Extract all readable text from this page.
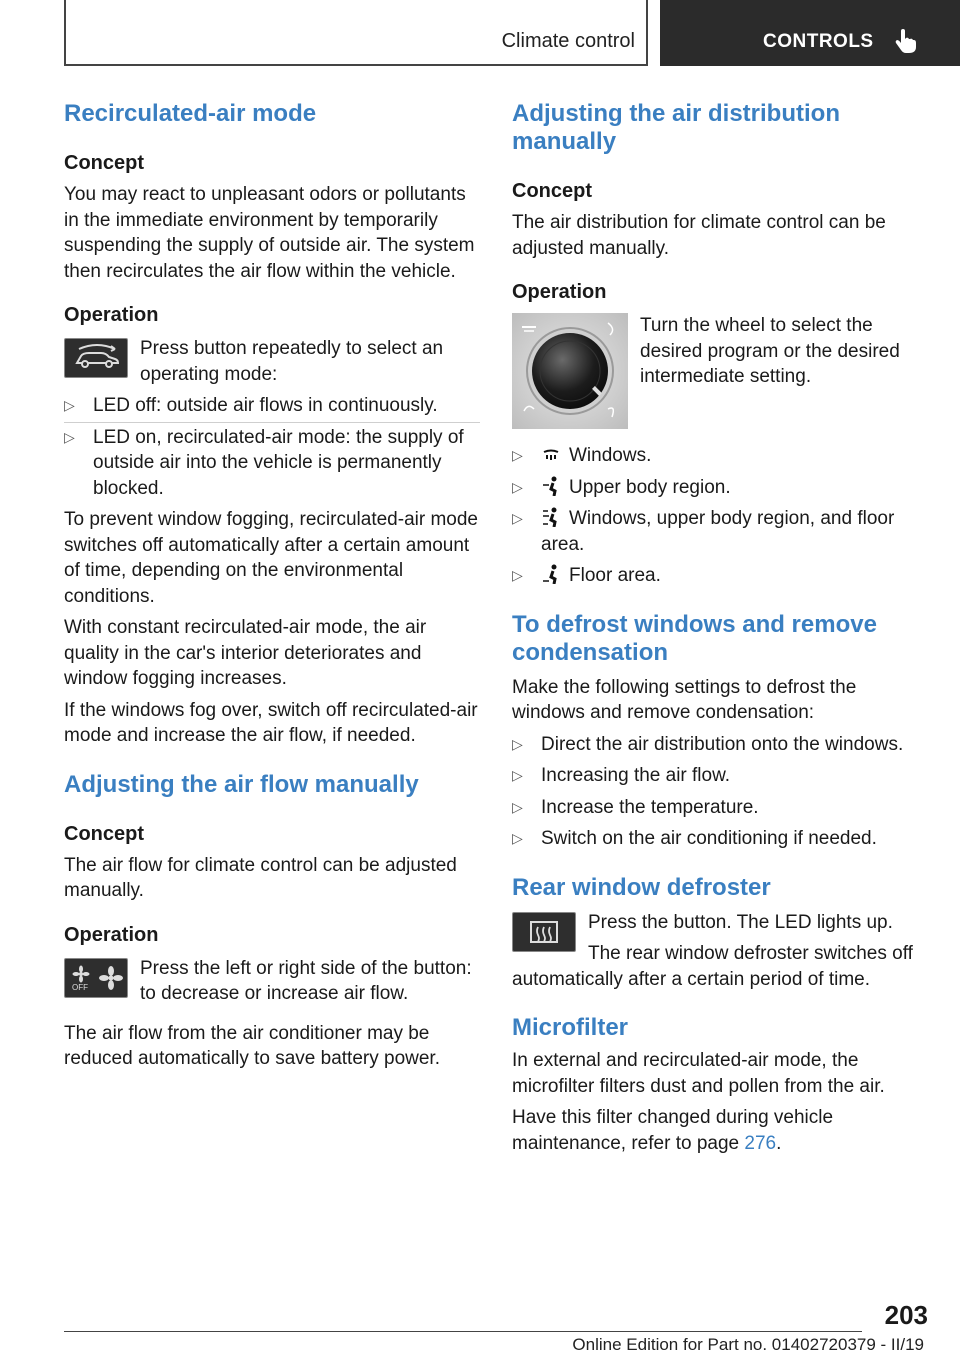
Climate control	CONTROLS
Recirculated-air mode
Concept

You may react to unpleasant odors or pollutants in the immediate environment by temporarily suspending the supply of outside air. The system then recirculates the air flow within the vehicle.

Operation

Press button repeatedly to select an operating mode:

▷ LED off: outside air flows in continuously.
▷ LED on, recirculated-air mode: the supply of outside air into the vehicle is permanently blocked.

To prevent window fogging, recirculated-air mode switches off automatically after a certain amount of time, depending on the environmental conditions.

With constant recirculated-air mode, the air quality in the car's interior deteriorates and window fogging increases.

If the windows fog over, switch off recirculated-air mode and increase the air flow, if needed.

Adjusting the air flow manually
Concept

The air flow for climate control can be adjusted manually.

Operation
OFF

Press the left or right side of the button: to decrease or increase air flow.

The air flow from the air conditioner may be reduced automatically to save battery power.

Adjusting the air distribution manually
Concept

The air distribution for climate control can be adjusted manually.

Operation

Turn the wheel to select the desired program or the desired intermediate setting.

▷ Windows.
▷ Upper body region.
▷ Windows, upper body region, and floor area.
▷ Floor area.
To defrost windows and remove condensation

Make the following settings to defrost the windows and remove condensation:

▷ Direct the air distribution onto the windows.
▷ Increasing the air flow.
▷ Increase the temperature.
▷ Switch on the air conditioning if needed.
Rear window defroster

Press the button. The LED lights up.

The rear window defroster switches off automatically after a certain period of time.

Microfilter

In external and recirculated-air mode, the microfilter filters dust and pollen from the air.

Have this filter changed during vehicle maintenance, refer to page 276.

203
Online Edition for Part no. 01402720379 - II/19
